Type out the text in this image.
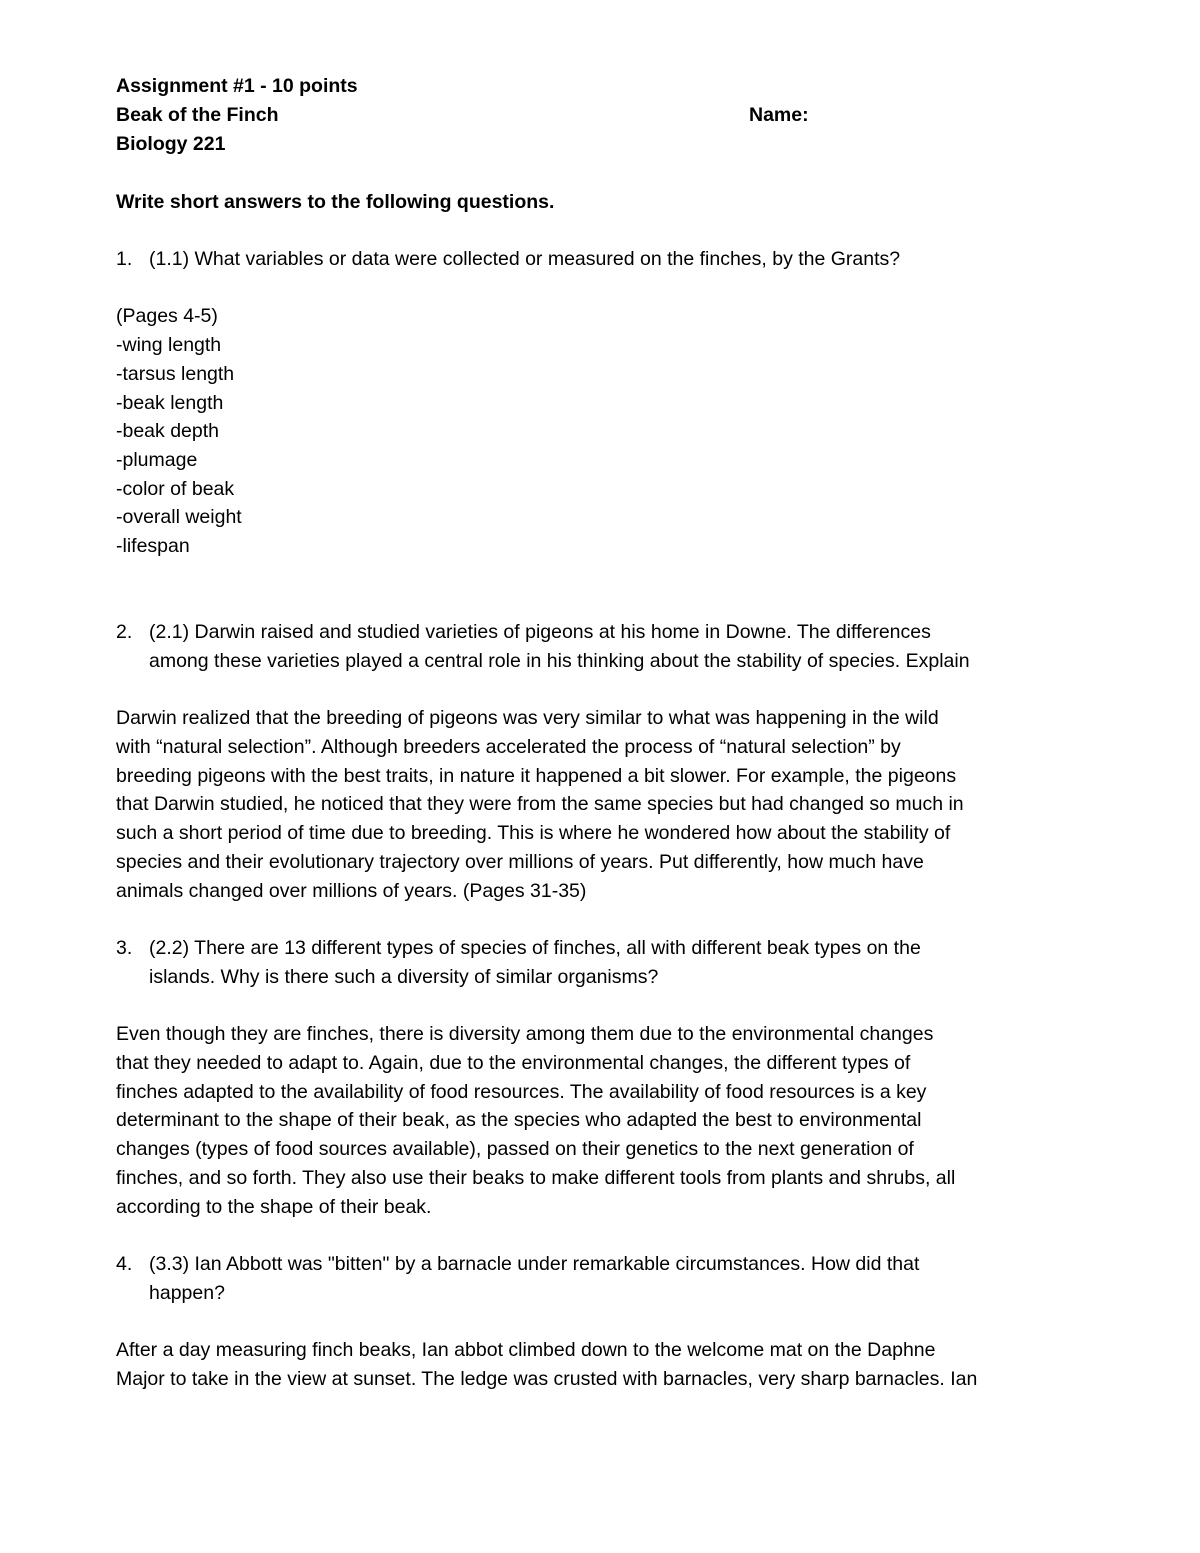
Assignment #1 - 10 points
Beak of the Finch	Name:
Biology 221
Write short answers to the following questions.
1. (1.1) What variables or data were collected or measured on the finches, by the Grants?
(Pages 4-5)
-wing length
-tarsus length
-beak length
-beak depth
-plumage
-color of beak
-overall weight
-lifespan
2. (2.1) Darwin raised and studied varieties of pigeons at his home in Downe. The differences
among these varieties played a central role in his thinking about the stability of species. Explain
Darwin realized that the breeding of pigeons was very similar to what was happening in the wild
with “natural selection”. Although breeders accelerated the process of “natural selection” by
breeding pigeons with the best traits, in nature it happened a bit slower. For example, the pigeons
that Darwin studied, he noticed that they were from the same species but had changed so much in
such a short period of time due to breeding. This is where he wondered how about the stability of
species and their evolutionary trajectory over millions of years. Put differently, how much have
animals changed over millions of years. (Pages 31-35)
3. (2.2) There are 13 different types of species of finches, all with different beak types on the
islands. Why is there such a diversity of similar organisms?
Even though they are finches, there is diversity among them due to the environmental changes
that they needed to adapt to. Again, due to the environmental changes, the different types of
finches adapted to the availability of food resources. The availability of food resources is a key
determinant to the shape of their beak, as the species who adapted the best to environmental
changes (types of food sources available), passed on their genetics to the next generation of
finches, and so forth. They also use their beaks to make different tools from plants and shrubs, all
according to the shape of their beak.
4. (3.3) Ian Abbott was "bitten" by a barnacle under remarkable circumstances. How did that
happen?
After a day measuring finch beaks, Ian abbot climbed down to the welcome mat on the Daphne
Major to take in the view at sunset. The ledge was crusted with barnacles, very sharp barnacles. Ian
